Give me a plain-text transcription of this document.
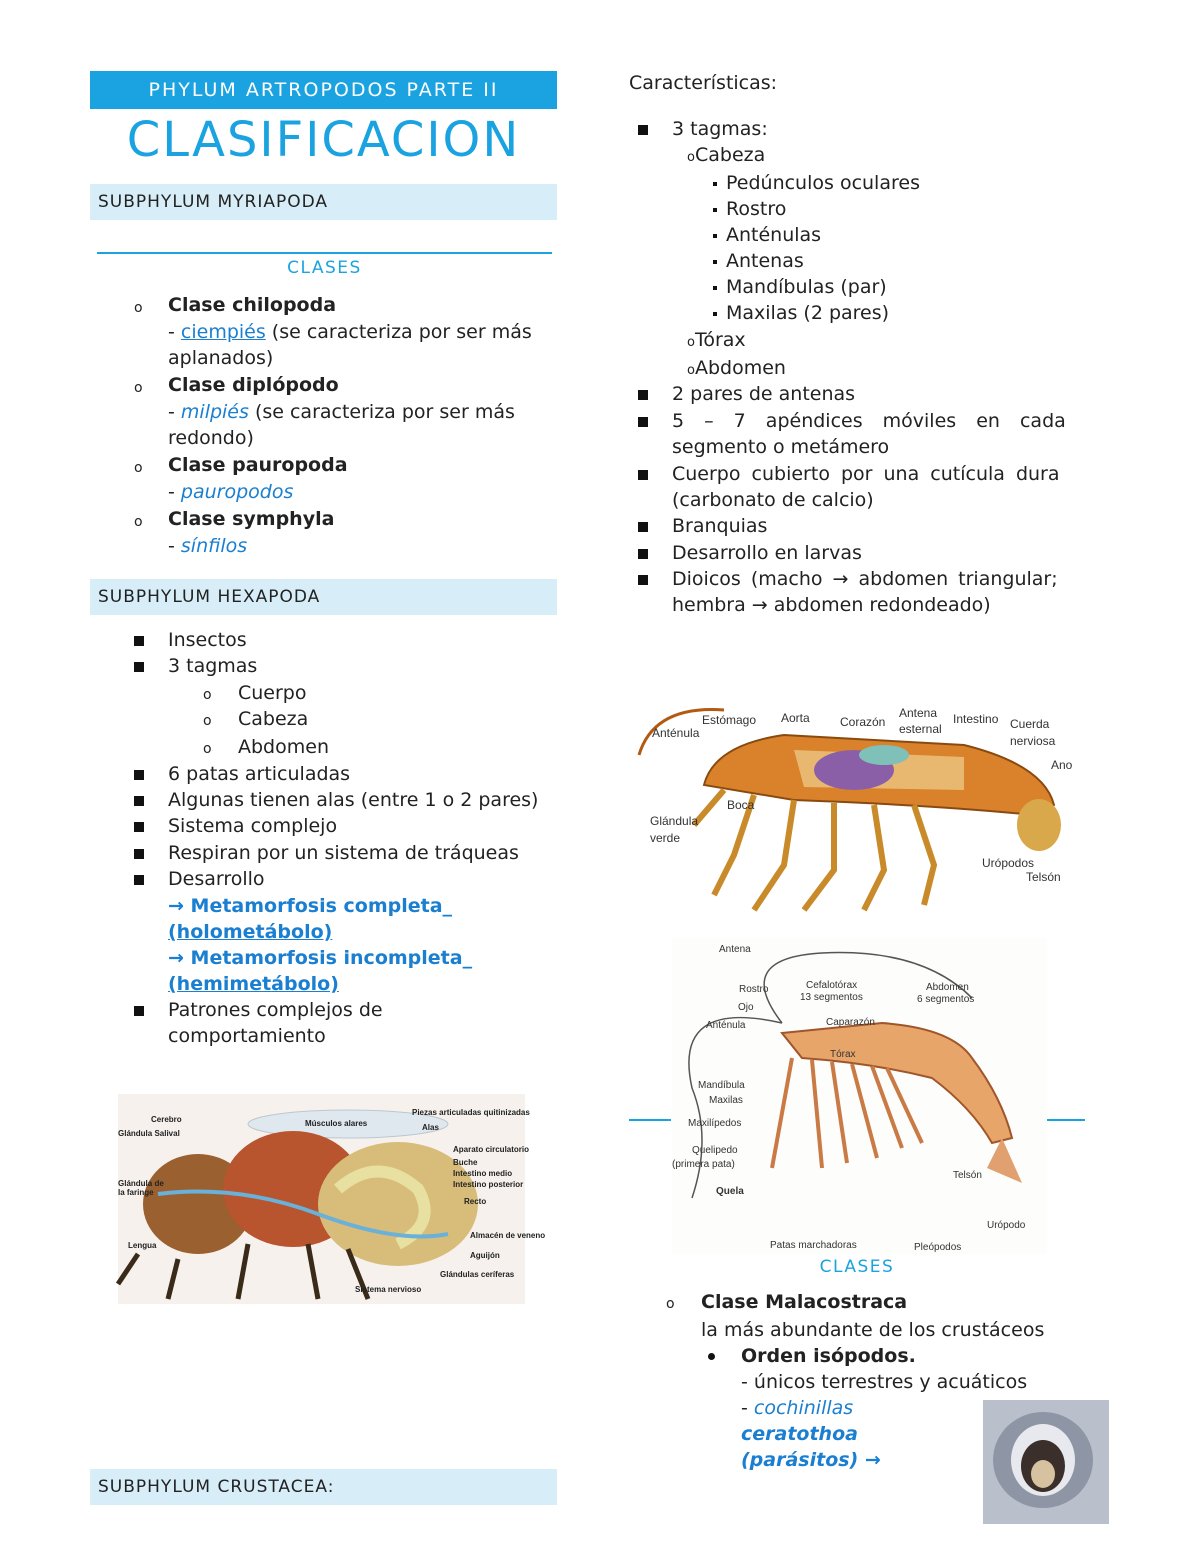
PHYLUM ARTROPODOS PARTE II
CLASIFICACION
SUBPHYLUM MYRIAPODA
CLASES
o Clase chilopoda
- ciempiés (se caracteriza por ser más
aplanados)
o Clase diplópodo
- milpiés (se caracteriza por ser más
redondo)
o Clase pauropoda
- pauropodos
o Clase symphyla
- sínfilos
SUBPHYLUM HEXAPODA
Insectos
3 tagmas
o Cuerpo
o Cabeza
o Abdomen
6 patas articuladas
Algunas tienen alas (entre 1 o 2 pares)
Sistema complejo
Respiran por un sistema de tráqueas
Desarrollo
→ Metamorfosis completa_
(holometábolo)
→ Metamorfosis incompleta_
(hemimetábolo)
Patrones complejos de
comportamiento
Cerebro
Glándula Salival
Glándula de
la faringe
Lengua
Músculos alares
Piezas articuladas quitinizadas
Alas
Aparato circulatorio
Buche
Intestino medio
Intestino posterior
Recto
Almacén de veneno
Aguijón
Glándulas ceríferas
Sistema nervioso
SUBPHYLUM CRUSTACEA:
Características:
3 tagmas:
oCabeza
Pedúnculos oculares
Rostro
Anténulas
Antenas
Mandíbulas (par)
Maxilas (2 pares)
oTórax
oAbdomen
2 pares de antenas
5 – 7 apéndices móviles en cada
segmento o metámero
Cuerpo cubierto por una cutícula dura
(carbonato de calcio)
Branquias
Desarrollo en larvas
Dioicos (macho → abdomen triangular;
hembra → abdomen redondeado)
Estómago Aorta	Corazón
Antena
esternal
Intestino Cuerda
nerviosa
Anténula
Ano
Boca
Glándula
verde
Urópodos
Telsón
Antena
Rostro
Ojo
Anténula
Cefalotórax
13 segmentos
Abdomen
6 segmentos
Caparazón
Tórax
Mandíbula
Maxilas
Maxilípedos
Quelipedo
(primera pata)
Quela
Telsón
Urópodo
Patas marchadoras	Pleópodos
CLASES
o Clase Malacostraca
la más abundante de los crustáceos
Orden isópodos.
- únicos terrestres y acuáticos
- cochinillas
ceratothoa
(parásitos) →
